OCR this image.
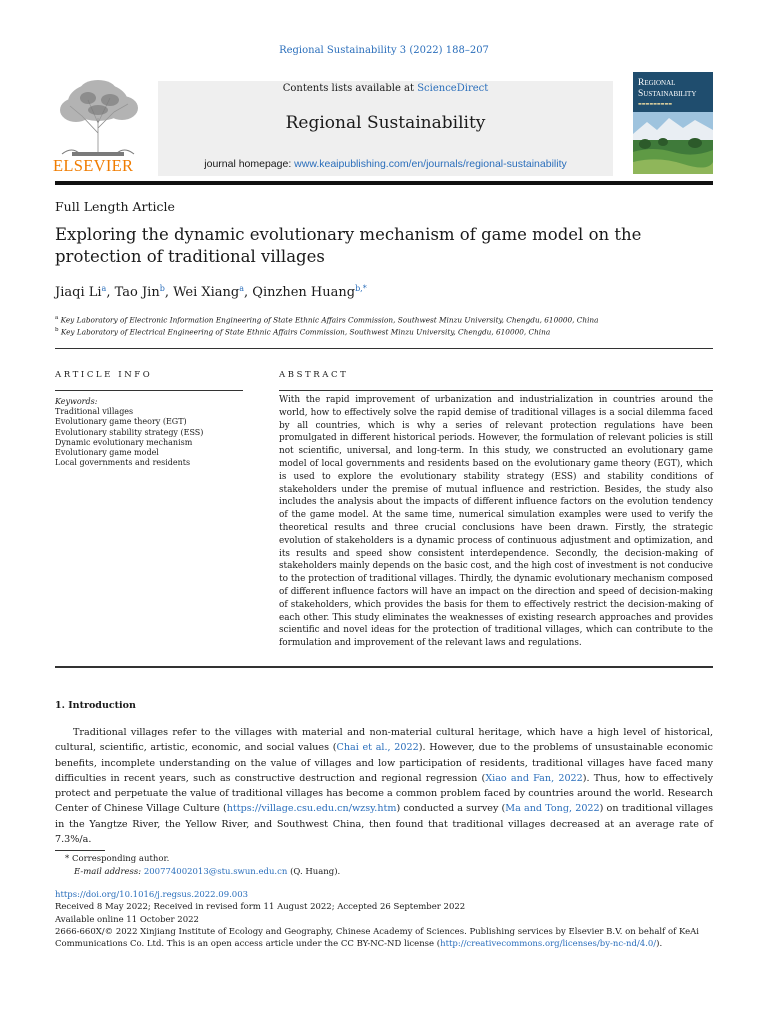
Regional Sustainability 3 (2022) 188–207
ELSEVIER
Contents lists available at ScienceDirect
Regional Sustainability
journal homepage: www.keaipublishing.com/en/journals/regional-sustainability
Regional
Sustainability
▬▬▬▬▬▬▬▬▬
Full Length Article
Exploring the dynamic evolutionary mechanism of game model on the protection of traditional villages
Jiaqi Li$^a$, Tao Jin$^b$, Wei Xiang$^a$, Qinzhen Huang$^{b,*}$
$^a$ Key Laboratory of Electronic Information Engineering of State Ethnic Affairs Commission, Southwest Minzu University, Chengdu, 610000, China
$^b$ Key Laboratory of Electrical Engineering of State Ethnic Affairs Commission, Southwest Minzu University, Chengdu, 610000, China
ARTICLE INFO	ABSTRACT
Keywords:
Traditional villages
Evolutionary game theory (EGT)
Evolutionary stability strategy (ESS)
Dynamic evolutionary mechanism
Evolutionary game model
Local governments and residents
With the rapid improvement of urbanization and industrialization in countries around the world, how to effectively solve the rapid demise of traditional villages is a social dilemma faced by all countries, which is why a series of relevant protection regulations have been promulgated in different historical periods. However, the formulation of relevant policies is still not scientific, universal, and long-term. In this study, we constructed an evolutionary game model of local governments and residents based on the evolutionary game theory (EGT), which is used to explore the evolutionary stability strategy (ESS) and stability conditions of stakeholders under the premise of mutual influence and restriction. Besides, the study also includes the analysis about the impacts of different influence factors on the evolution tendency of the game model. At the same time, numerical simulation examples were used to verify the theoretical results and three crucial conclusions have been drawn. Firstly, the strategic evolution of stakeholders is a dynamic process of continuous adjustment and optimization, and its results and speed show consistent interdependence. Secondly, the decision-making of stakeholders mainly depends on the basic cost, and the high cost of investment is not conducive to the protection of traditional villages. Thirdly, the dynamic evolutionary mechanism composed of different influence factors will have an impact on the direction and speed of decision-making of stakeholders, which provides the basis for them to effectively restrict the decision-making of each other. This study eliminates the weaknesses of existing research approaches and provides scientific and novel ideas for the protection of traditional villages, which can contribute to the formulation and improvement of the relevant laws and regulations.
1. Introduction
Traditional villages refer to the villages with material and non-material cultural heritage, which have a high level of historical, cultural, scientific, artistic, economic, and social values (Chai et al., 2022). However, due to the problems of unsustainable economic benefits, incomplete understanding on the value of villages and low participation of residents, traditional villages have faced many difficulties in recent years, such as constructive destruction and regional regression (Xiao and Fan, 2022). Thus, how to effectively protect and perpetuate the value of traditional villages has become a common problem faced by countries around the world. Research Center of Chinese Village Culture (https://village.csu.edu.cn/wzsy.htm) conducted a survey (Ma and Tong, 2022) on traditional villages in the Yangtze River, the Yellow River, and Southwest China, then found that traditional villages decreased at an average rate of 7.3%/a.
* Corresponding author.
E-mail address: 200774002013@stu.swun.edu.cn (Q. Huang).
https://doi.org/10.1016/j.regsus.2022.09.003
Received 8 May 2022; Received in revised form 11 August 2022; Accepted 26 September 2022
Available online 11 October 2022
2666-660X/© 2022 Xinjiang Institute of Ecology and Geography, Chinese Academy of Sciences. Publishing services by Elsevier B.V. on behalf of KeAi Communications Co. Ltd. This is an open access article under the CC BY-NC-ND license (http://creativecommons.org/licenses/by-nc-nd/4.0/).
